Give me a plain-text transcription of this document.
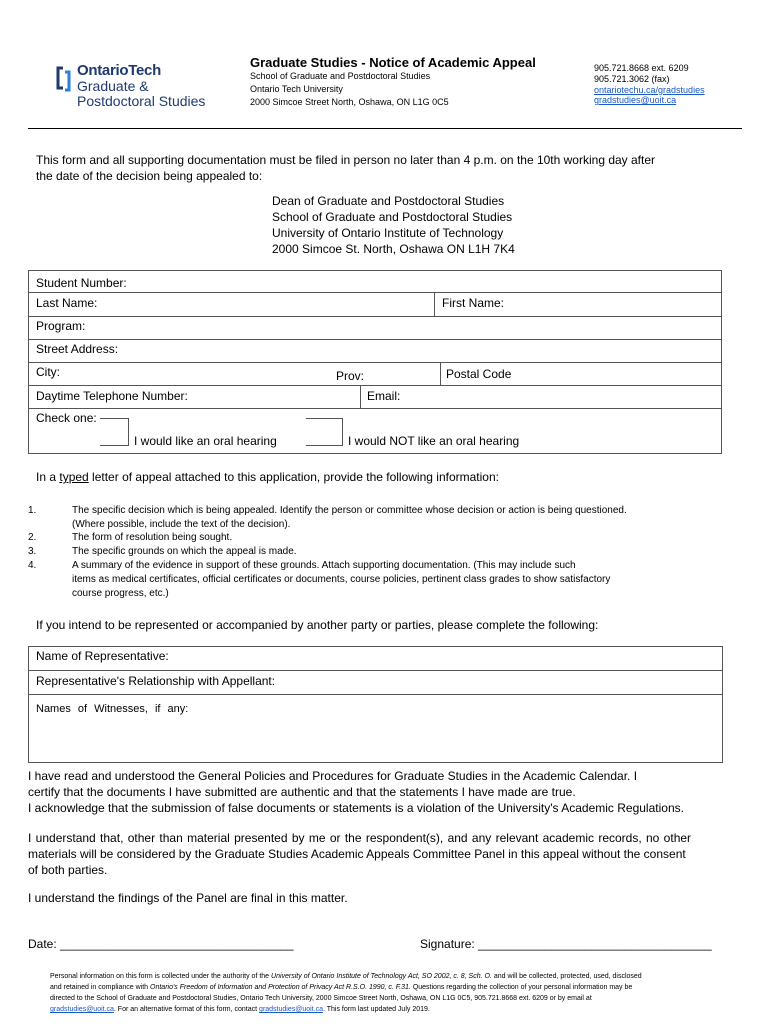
OntarioTech
Graduate &
Postdoctoral Studies
Graduate Studies - Notice of Academic Appeal
School of Graduate and Postdoctoral Studies
Ontario Tech University
2000 Simcoe Street North, Oshawa, ON L1G 0C5
905.721.8668 ext. 6209
905.721.3062 (fax)
ontariotechu.ca/gradstudies
gradstudies@uoit.ca
This form and all supporting documentation must be filed in person no later than 4 p.m. on the 10th working day after
the date of the decision being appealed to:
Dean of Graduate and Postdoctoral Studies
School of Graduate and Postdoctoral Studies
University of Ontario Institute of Technology
2000 Simcoe St. North, Oshawa ON L1H 7K4
Student Number:
Last Name:	First Name:
Program:
Street Address:
City:	Prov:	Postal Code
Daytime Telephone Number:	Email:
Check one:
I would like an oral hearing	I would NOT like an oral hearing
In a typed letter of appeal attached to this application, provide the following information:
1.	The specific decision which is being appealed. Identify the person or committee whose decision or action is being questioned.
(Where possible, include the text of the decision).
2.	The form of resolution being sought.
3.	The specific grounds on which the appeal is made.
4.	A summary of the evidence in support of these grounds. Attach supporting documentation. (This may include such
items as medical certificates, official certificates or documents, course policies, pertinent class grades to show satisfactory
course progress, etc.)
If you intend to be represented or accompanied by another party or parties, please complete the following:
Name of Representative:
Representative's Relationship with Appellant:
Names of Witnesses, if any:
I have read and understood the General Policies and Procedures for Graduate Studies in the Academic Calendar. I
certify that the documents I have submitted are authentic and that the statements I have made are true.
I acknowledge that the submission of false documents or statements is a violation of the University's Academic Regulations.
I understand that, other than material presented by me or the respondent(s), and any relevant academic records, no other
materials will be considered by the Graduate Studies Academic Appeals Committee Panel in this appeal without the consent
of both parties.
I understand the findings of the Panel are final in this matter.
Date: ___________________________________	Signature: ___________________________________
Personal information on this form is collected under the authority of the University of Ontario Institute of Technology Act, SO 2002, c. 8, Sch. O. and will be collected, protected, used, disclosed
and retained in compliance with Ontario's Freedom of Information and Protection of Privacy Act R.S.O. 1990, c. F.31. Questions regarding the collection of your personal information may be
directed to the School of Graduate and Postdoctoral Studies, Ontario Tech University, 2000 Simcoe Street North, Oshawa, ON L1G 0C5, 905.721.8668 ext. 6209 or by email at
gradstudies@uoit.ca. For an alternative format of this form, contact gradstudies@uoit.ca. This form last updated July 2019.
